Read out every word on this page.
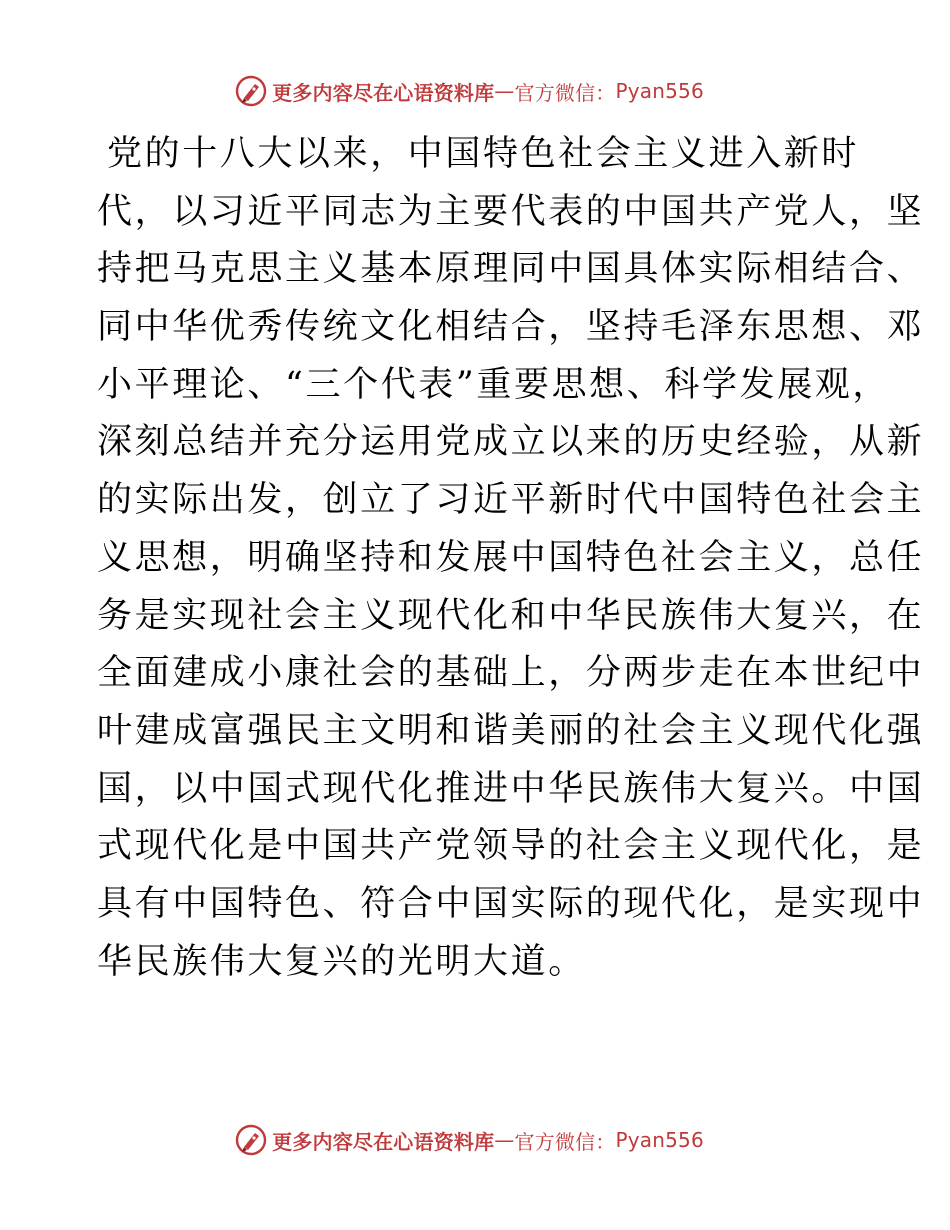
更多内容尽在心语资料库 — 官方微信： Pyan556
党的十八大以来，中国特色社会主义进入新时
代，以习近平同志为主要代表的中国共产党人，坚
持把马克思主义基本原理同中国具体实际相结合、
同中华优秀传统文化相结合，坚持毛泽东思想、邓
小平理论、“三个代表”重要思想、科学发展观，
深刻总结并充分运用党成立以来的历史经验，从新
的实际出发，创立了习近平新时代中国特色社会主
义思想，明确坚持和发展中国特色社会主义，总任
务是实现社会主义现代化和中华民族伟大复兴，在
全面建成小康社会的基础上，分两步走在本世纪中
叶建成富强民主文明和谐美丽的社会主义现代化强
国，以中国式现代化推进中华民族伟大复兴。中国
式现代化是中国共产党领导的社会主义现代化，是
具有中国特色、符合中国实际的现代化，是实现中
华民族伟大复兴的光明大道。
更多内容尽在心语资料库 — 官方微信： Pyan556
